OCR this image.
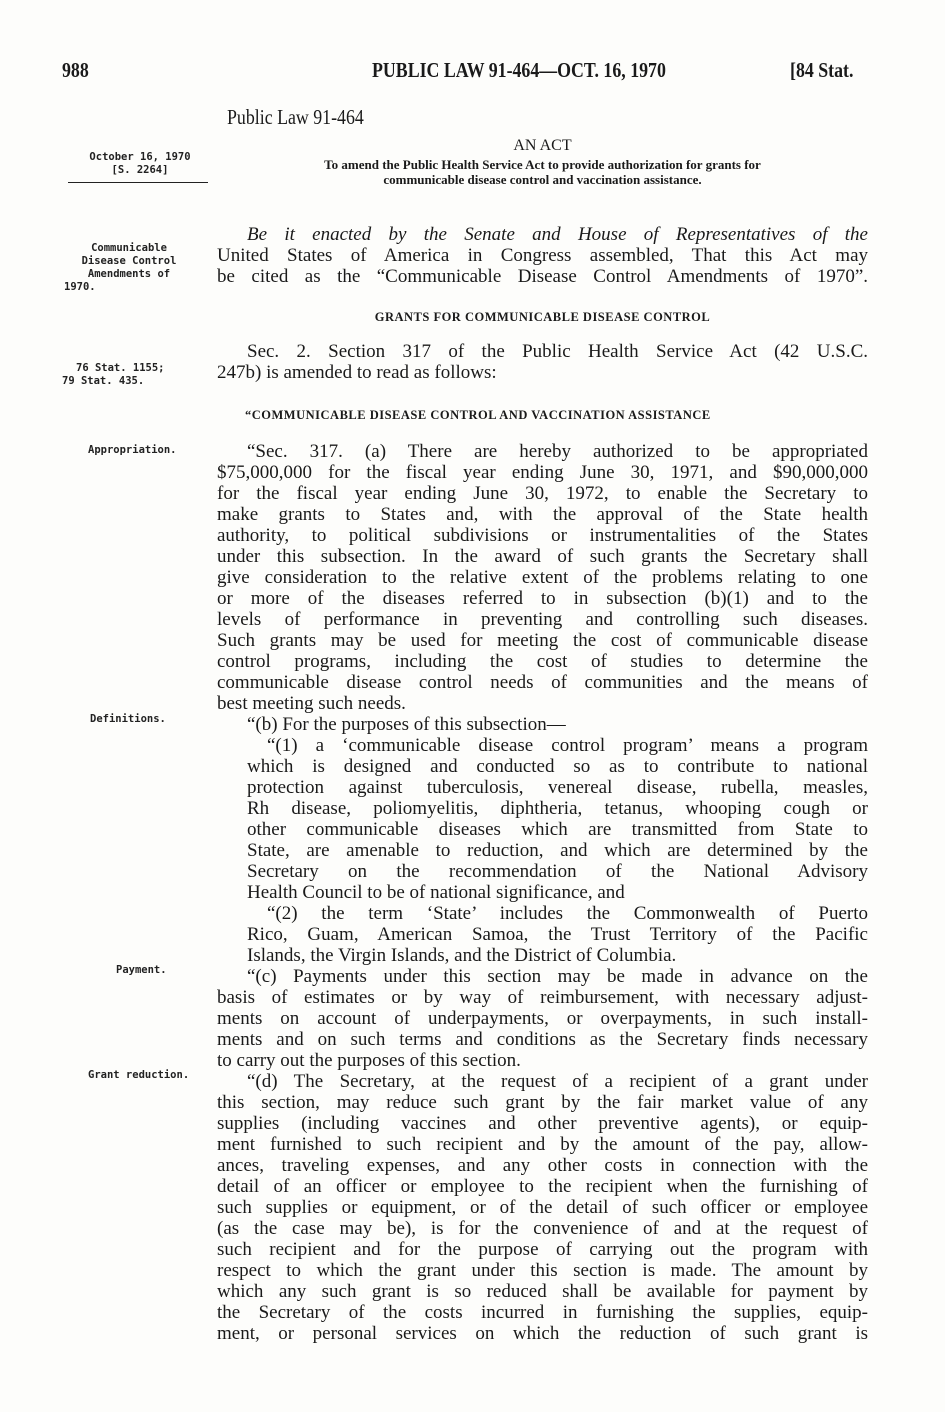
988	PUBLIC LAW 91-464—OCT. 16, 1970	[84 Stat.
Public Law 91-464
AN ACT
To amend the Public Health Service Act to provide authorization for grants for
communicable disease control and vaccination assistance.
October 16, 1970
[S. 2264]
Communicable
Disease Control
Amendments of
1970.
76 Stat. 1155;
79 Stat. 435.
Appropriation.
Definitions.
Payment.
Grant reduction.
Be it enacted by the Senate and House of Representatives of the
United States of America in Congress assembled, That this Act may
be cited as the “Communicable Disease Control Amendments of 1970”.
GRANTS FOR COMMUNICABLE DISEASE CONTROL
Sec. 2. Section 317 of the Public Health Service Act (42 U.S.C.
247b) is amended to read as follows:
“COMMUNICABLE DISEASE CONTROL AND VACCINATION ASSISTANCE
“Sec. 317. (a) There are hereby authorized to be appropriated
$75,000,000 for the fiscal year ending June 30, 1971, and $90,000,000
for the fiscal year ending June 30, 1972, to enable the Secretary to
make grants to States and, with the approval of the State health
authority, to political subdivisions or instrumentalities of the States
under this subsection. In the award of such grants the Secretary shall
give consideration to the relative extent of the problems relating to one
or more of the diseases referred to in subsection (b)(1) and to the
levels of performance in preventing and controlling such diseases.
Such grants may be used for meeting the cost of communicable disease
control programs, including the cost of studies to determine the
communicable disease control needs of communities and the means of
best meeting such needs.
“(b) For the purposes of this subsection—
“(1) a ‘communicable disease control program’ means a program
which is designed and conducted so as to contribute to national
protection against tuberculosis, venereal disease, rubella, measles,
Rh disease, poliomyelitis, diphtheria, tetanus, whooping cough or
other communicable diseases which are transmitted from State to
State, are amenable to reduction, and which are determined by the
Secretary on the recommendation of the National Advisory
Health Council to be of national significance, and
“(2) the term ‘State’ includes the Commonwealth of Puerto
Rico, Guam, American Samoa, the Trust Territory of the Pacific
Islands, the Virgin Islands, and the District of Columbia.
“(c) Payments under this section may be made in advance on the
basis of estimates or by way of reimbursement, with necessary adjust-
ments on account of underpayments, or overpayments, in such install-
ments and on such terms and conditions as the Secretary finds necessary
to carry out the purposes of this section.
“(d) The Secretary, at the request of a recipient of a grant under
this section, may reduce such grant by the fair market value of any
supplies (including vaccines and other preventive agents), or equip-
ment furnished to such recipient and by the amount of the pay, allow-
ances, traveling expenses, and any other costs in connection with the
detail of an officer or employee to the recipient when the furnishing of
such supplies or equipment, or of the detail of such officer or employee
(as the case may be), is for the convenience of and at the request of
such recipient and for the purpose of carrying out the program with
respect to which the grant under this section is made. The amount by
which any such grant is so reduced shall be available for payment by
the Secretary of the costs incurred in furnishing the supplies, equip-
ment, or personal services on which the reduction of such grant is
